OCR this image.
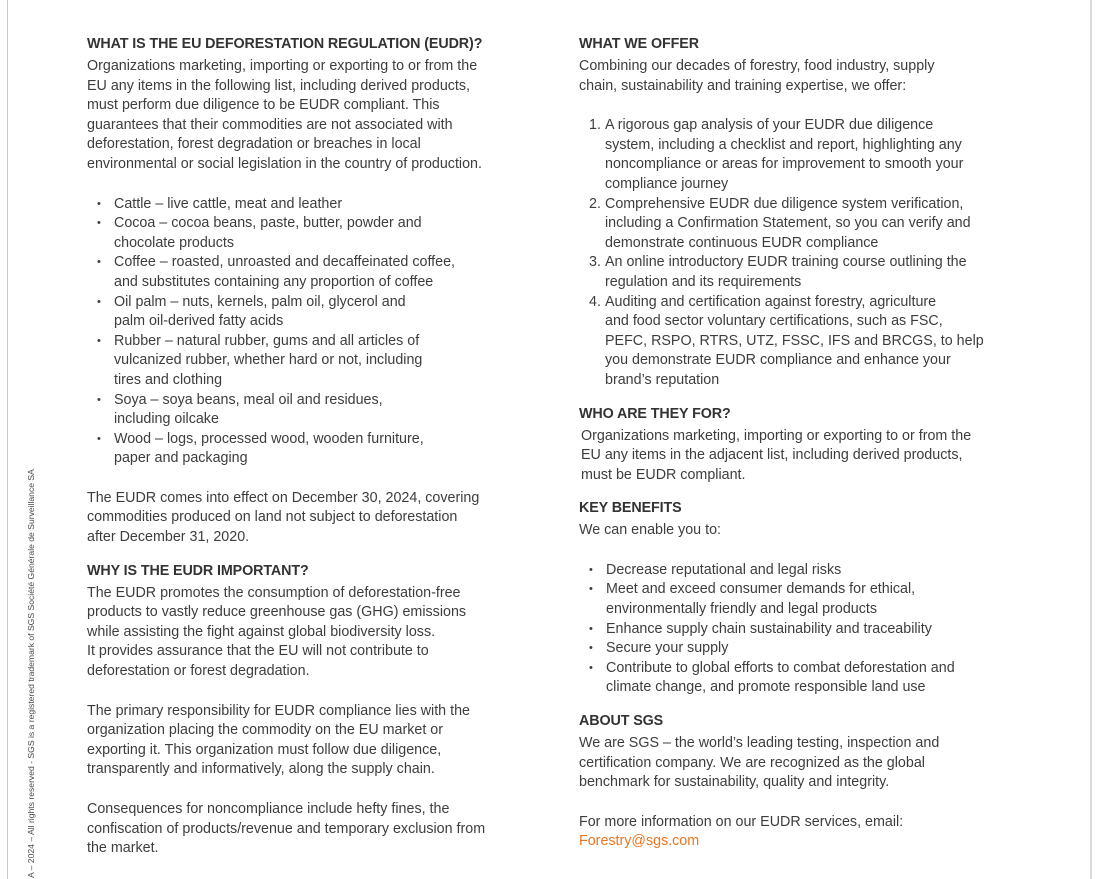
A – 2024 – All rights reserved - SGS is a registered trademark of SGS Société Générale de Surveillance SA
WHAT IS THE EU DEFORESTATION REGULATION (EUDR)?

Organizations marketing, importing or exporting to or from the
EU any items in the following list, including derived products,
must perform due diligence to be EUDR compliant. This
guarantees that their commodities are not associated with
deforestation, forest degradation or breaches in local
environmental or social legislation in the country of production.

• Cattle – live cattle, meat and leather
• Cocoa – cocoa beans, paste, butter, powder and
chocolate products
• Coffee – roasted, unroasted and decaffeinated coffee,
and substitutes containing any proportion of coffee
• Oil palm – nuts, kernels, palm oil, glycerol and
palm oil-derived fatty acids
• Rubber – natural rubber, gums and all articles of
vulcanized rubber, whether hard or not, including
tires and clothing
• Soya – soya beans, meal oil and residues,
including oilcake
• Wood – logs, processed wood, wooden furniture,
paper and packaging

The EUDR comes into effect on December 30, 2024, covering
commodities produced on land not subject to deforestation
after December 31, 2020.

WHY IS THE EUDR IMPORTANT?

The EUDR promotes the consumption of deforestation-free
products to vastly reduce greenhouse gas (GHG) emissions
while assisting the fight against global biodiversity loss.
It provides assurance that the EU will not contribute to
deforestation or forest degradation.

The primary responsibility for EUDR compliance lies with the
organization placing the commodity on the EU market or
exporting it. This organization must follow due diligence,
transparently and informatively, along the supply chain.

Consequences for noncompliance include hefty fines, the
confiscation of products/revenue and temporary exclusion from
the market.

WHAT WE OFFER

Combining our decades of forestry, food industry, supply
chain, sustainability and training expertise, we offer:

1. A rigorous gap analysis of your EUDR due diligence
system, including a checklist and report, highlighting any
noncompliance or areas for improvement to smooth your
compliance journey
2. Comprehensive EUDR due diligence system verification,
including a Confirmation Statement, so you can verify and
demonstrate continuous EUDR compliance
3. An online introductory EUDR training course outlining the
regulation and its requirements
4. Auditing and certification against forestry, agriculture
and food sector voluntary certifications, such as FSC,
PEFC, RSPO, RTRS, UTZ, FSSC, IFS and BRCGS, to help
you demonstrate EUDR compliance and enhance your
brand’s reputation
WHO ARE THEY FOR?

Organizations marketing, importing or exporting to or from the
EU any items in the adjacent list, including derived products,
must be EUDR compliant.

KEY BENEFITS

We can enable you to:

• Decrease reputational and legal risks
• Meet and exceed consumer demands for ethical,
environmentally friendly and legal products
• Enhance supply chain sustainability and traceability
• Secure your supply
• Contribute to global efforts to combat deforestation and
climate change, and promote responsible land use
ABOUT SGS

We are SGS – the world’s leading testing, inspection and
certification company. We are recognized as the global
benchmark for sustainability, quality and integrity.

For more information on our EUDR services, email:

Forestry@sgs.com
